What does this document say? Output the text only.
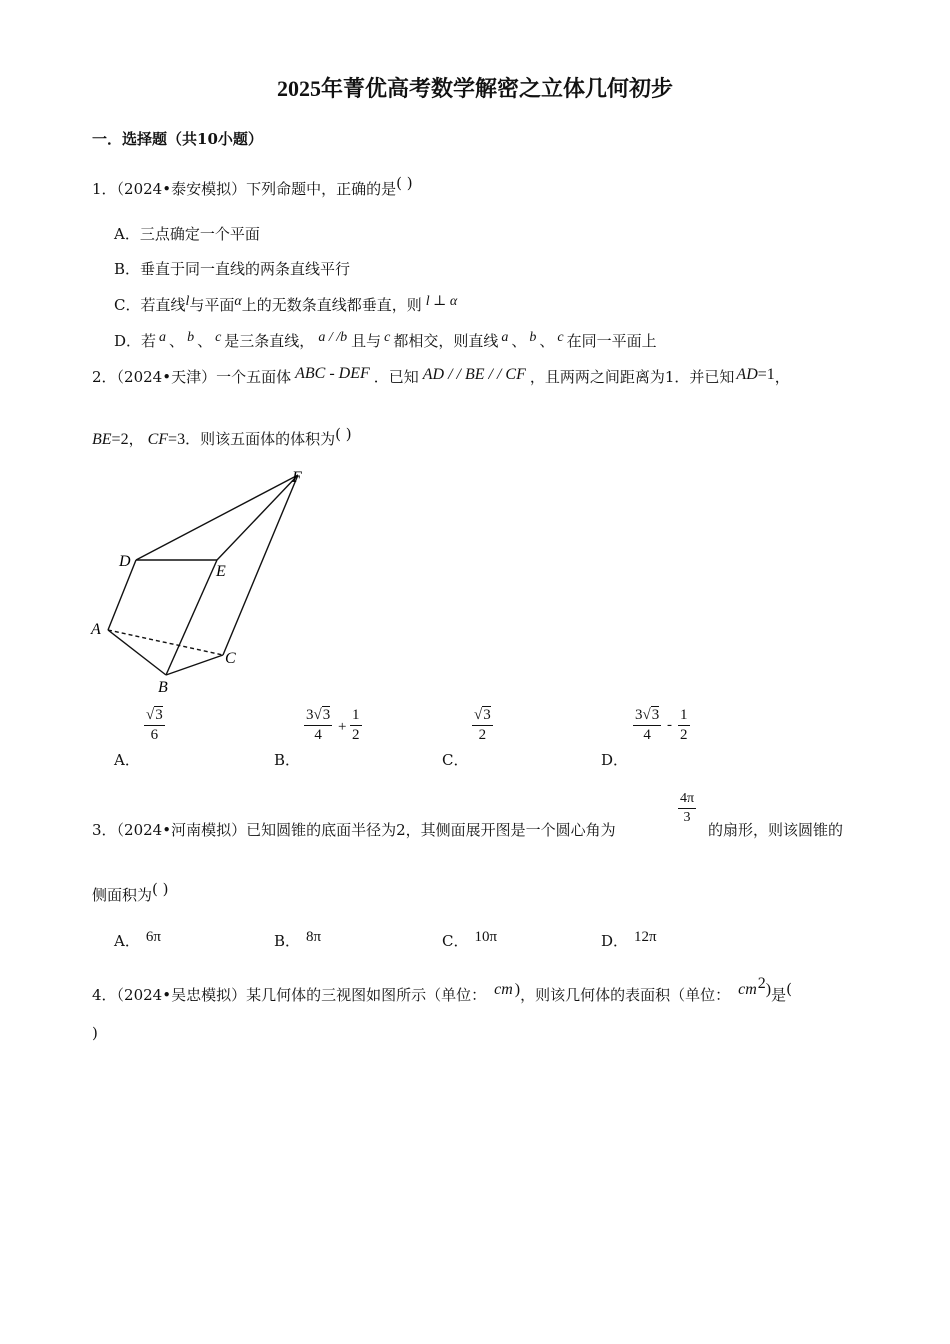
2025年菁优高考数学解密之立体几何初步
一．选择题（共10小题）
1．（2024•泰安模拟）下列命题中，正确的是( )
A．三点确定一个平面
B．垂直于同一直线的两条直线平行
C．若直线l与平面α上的无数条直线都垂直，则 l ⊥ α
D．若 a 、 b 、 c 是三条直线， a / /b 且与 c 都相交，则直线 a 、 b 、 c 在同一平面上
2．（2024•天津）一个五面体 ABC - DEF ．已知 AD / / BE / / CF ，且两两之间距离为1．并已知 AD=1，
BE=2， CF=3．则该五面体的体积为( )
F
D
E
A
C
B
A．
√3
6
B．
3√3
4	+
1
2
C．
√3
2
D．
3√3
4
-
1
2
3．（2024•河南模拟）已知圆锥的底面半径为2，其侧面展开图是一个圆心角为
4π
3
的扇形，则该圆锥的
侧面积为( )
A． 6π	B． 8π	C． 10π	D． 12π
4．（2024•吴忠模拟）某几何体的三视图如图所示（单位： cm )，则该几何体的表面积（单位： $cm^2$)是(
)
